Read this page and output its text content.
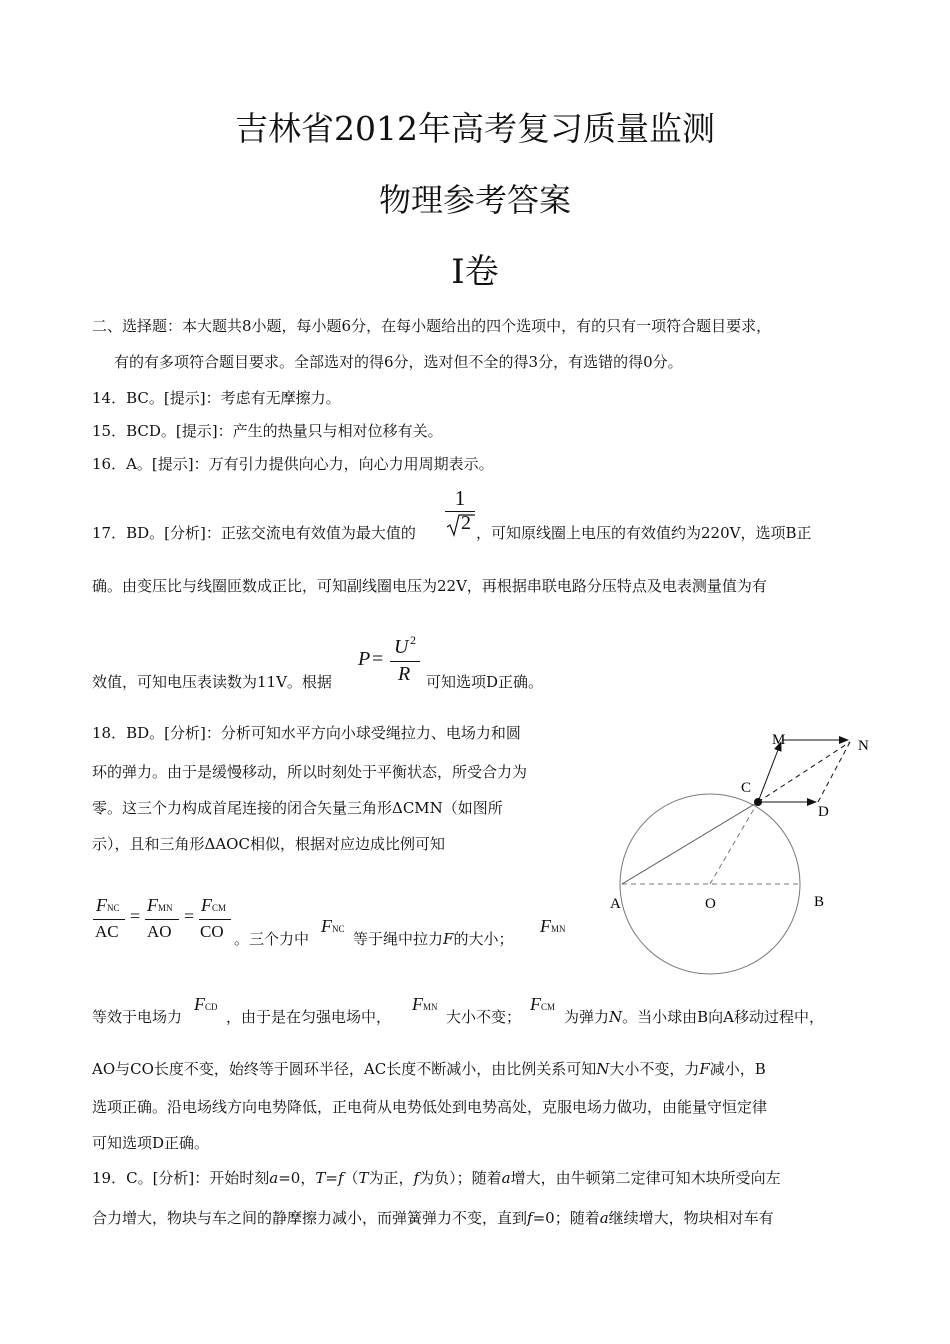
吉林省2012年高考复习质量监测
物理参考答案
Ⅰ卷
二、选择题：本大题共8小题，每小题6分，在每小题给出的四个选项中，有的只有一项符合题目要求，
有的有多项符合题目要求。全部选对的得6分，选对但不全的得3分，有选错的得0分。
14．BC。[提示]：考虑有无摩擦力。
15．BCD。[提示]：产生的热量只与相对位移有关。
16．A。[提示]：万有引力提供向心力，向心力用周期表示。
17．BD。[分析]：正弦交流电有效值为最大值的
1
2 ，可知原线圈上电压的有效值约为220V，选项B正
确。由变压比与线圈匝数成正比，可知副线圈电压为22V，再根据串联电路分压特点及电表测量值为有
效值，可知电压表读数为11V。根据
P =
U 2
R 可知选项D正确。
18．BD。[分析]：分析可知水平方向小球受绳拉力、电场力和圆
环的弹力。由于是缓慢移动，所以时刻处于平衡状态，所受合力为
零。这三个力构成首尾连接的闭合矢量三角形ΔCMN（如图所
示），且和三角形ΔAOC相似，根据对应边成比例可知
FNC
AC
=
FMN
AO
=
FCM
CO 。三个力中
FNC
等于绳中拉力F的大小；
FMN
等效于电场力
FCD
，由于是在匀强电场中，
FMN
大小不变；
FCM
为弹力N。当小球由B向A移动过程中，
AO与CO长度不变，始终等于圆环半径，AC长度不断减小，由比例关系可知N大小不变，力F减小，B
选项正确。沿电场线方向电势降低，正电荷从电势低处到电势高处，克服电场力做功，由能量守恒定律
可知选项D正确。
19．C。[分析]：开始时刻a=0，T=f（T为正，f为负）；随着a增大，由牛顿第二定律可知木块所受向左
合力增大，物块与车之间的静摩擦力减小，而弹簧弹力不变，直到f=0；随着a继续增大，物块相对车有
M	N
C
D
A	O	B
